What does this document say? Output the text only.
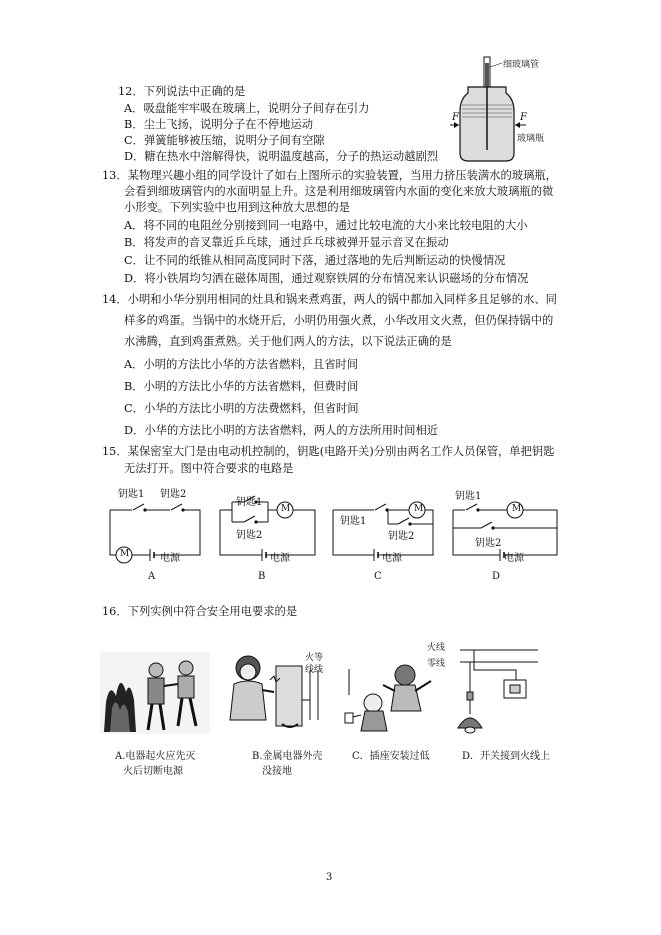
12．下列说法中正确的是
A．吸盘能牢牢吸在玻璃上，说明分子间存在引力
B．尘土飞扬，说明分子在不停地运动
C．弹簧能够被压缩，说明分子间有空隙
D．糖在热水中溶解得快，说明温度越高，分子的热运动越剧烈
细玻璃管
玻璃瓶
F	F
13．某物理兴趣小组的同学设计了如右上图所示的实验装置，当用力挤压装满水的玻璃瓶，
会看到细玻璃管内的水面明显上升。这是利用细玻璃管内水面的变化来放大玻璃瓶的微
小形变。下列实验中也用到这种放大思想的是
A．将不同的电阻丝分别接到同一电路中，通过比较电流的大小来比较电阻的大小
B．将发声的音叉靠近乒乓球，通过乒乓球被弹开显示音叉在振动
C．让不同的纸锥从相同高度同时下落，通过落地的先后判断运动的快慢情况
D．将小铁屑均匀洒在磁体周围，通过观察铁屑的分布情况来认识磁场的分布情况
14．小明和小华分别用相同的灶具和锅来煮鸡蛋，两人的锅中都加入同样多且足够的水、同
样多的鸡蛋。当锅中的水烧开后，小明仍用强火煮，小华改用文火煮，但仍保持锅中的
水沸腾，直到鸡蛋煮熟。关于他们两人的方法，以下说法正确的是
A．小明的方法比小华的方法省燃料，且省时间
B．小明的方法比小华的方法省燃料，但费时间
C．小华的方法比小明的方法费燃料，但省时间
D．小华的方法比小明的方法省燃料，两人的方法所用时间相近
15．某保密室大门是由电动机控制的，钥匙(电路开关)分别由两名工作人员保管，单把钥匙
无法打开。图中符合要求的电路是
钥匙1 钥匙2
M	电源
A
钥匙1
钥匙2
M
电源
B
钥匙1
钥匙2
M
电源
C
钥匙1
钥匙2
M
电源
D
16．下列实例中符合安全用电要求的是
火等
线线
火线
零线
A.电器起火应先灭
火后切断电源
B.金属电器外壳
没接地
C．插座安装过低	D．开关接到火线上
3
